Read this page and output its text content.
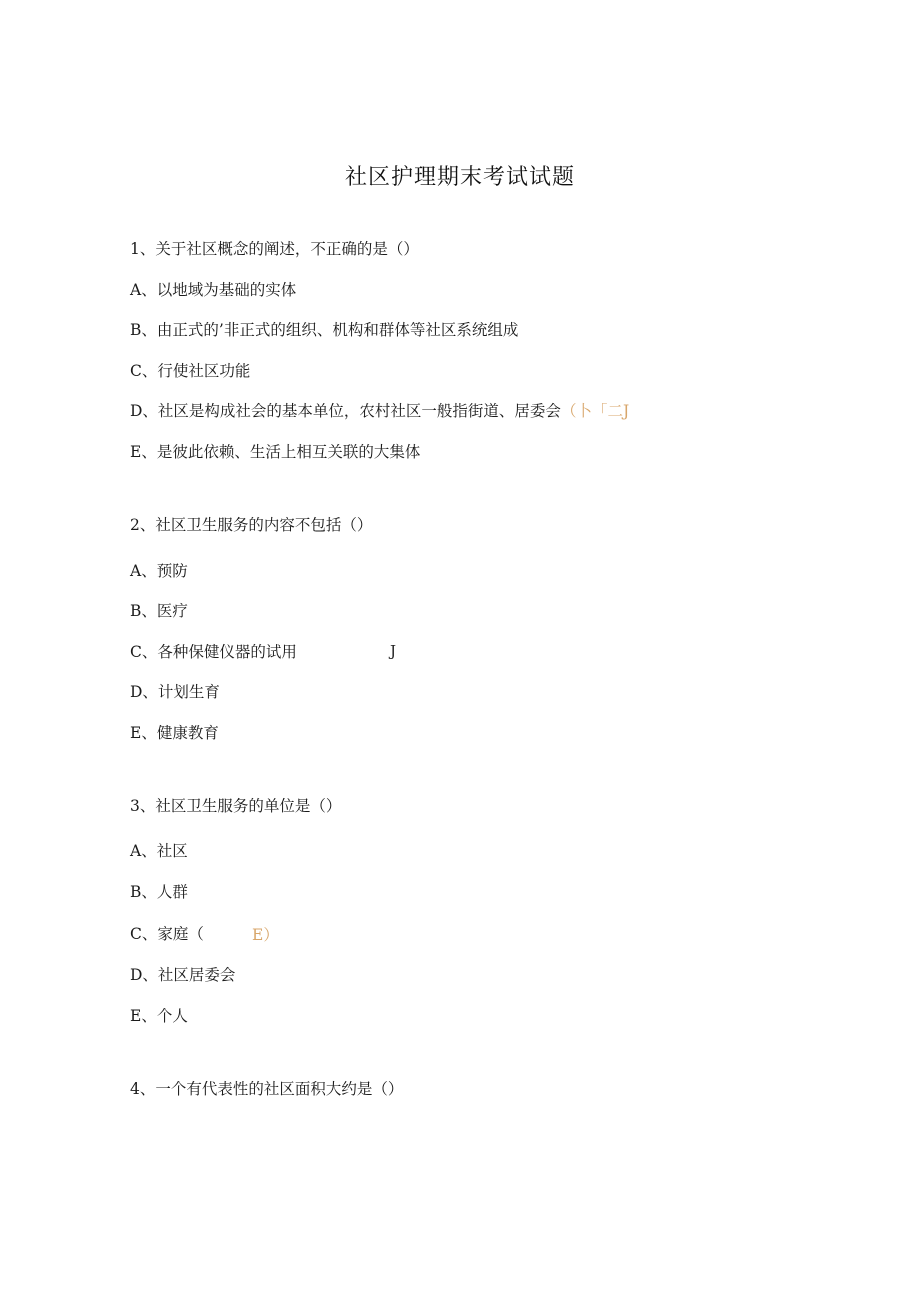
社区护理期末考试试题
1、关于社区概念的阐述，不正确的是（）
A、以地域为基础的实体
B、由正式的’非正式的组织、机构和群体等社区系统组成
C、行使社区功能
D、社区是构成社会的基本单位，农村社区一般指街道、居委会（卜「二J
E、是彼此依赖、生活上相互关联的大集体
2、社区卫生服务的内容不包括（）
A、预防
B、医疗
C、各种保健仪器的试用	J
D、计划生育
E、健康教育
3、社区卫生服务的单位是（）
A、社区
B、人群
C、家庭（	E）
D、社区居委会
E、个人
4、一个有代表性的社区面积大约是（）
